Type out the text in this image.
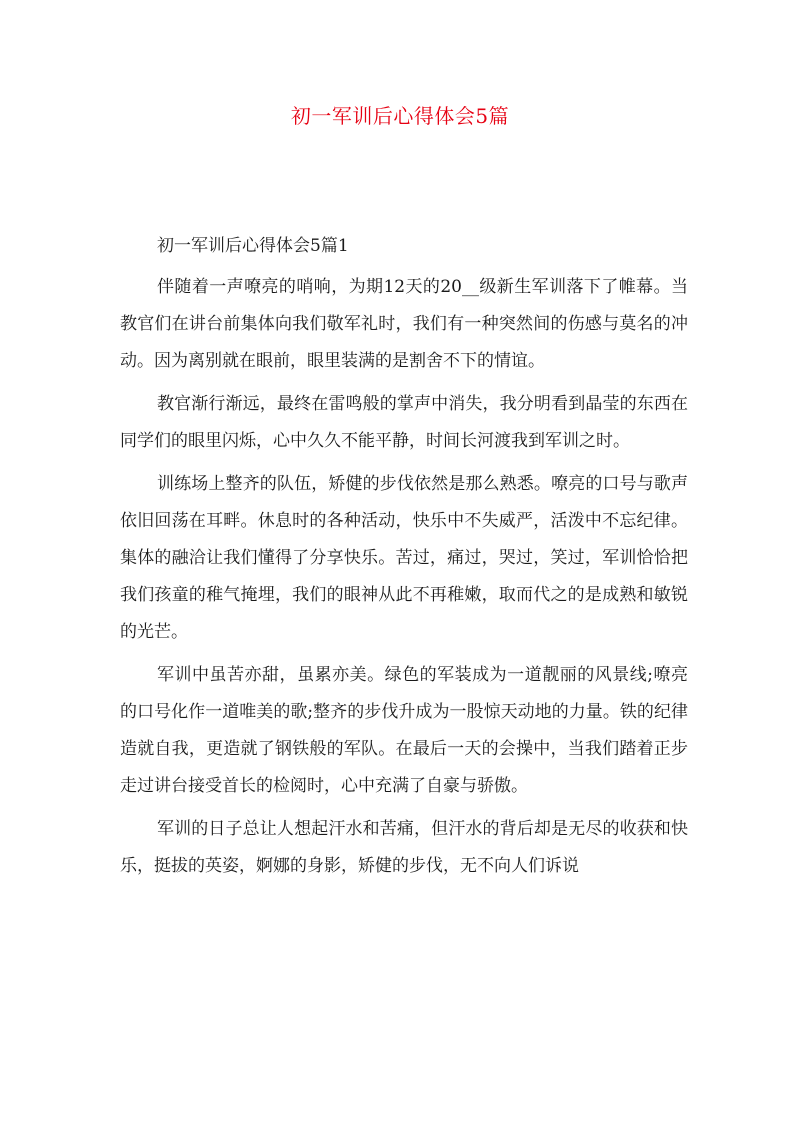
初一军训后心得体会5篇

初一军训后心得体会5篇1

伴随着一声嘹亮的哨响，为期12天的20__级新生军训落下了帷幕。当教官们在讲台前集体向我们敬军礼时，我们有一种突然间的伤感与莫名的冲动。因为离别就在眼前，眼里装满的是割舍不下的情谊。

教官渐行渐远，最终在雷鸣般的掌声中消失，我分明看到晶莹的东西在同学们的眼里闪烁，心中久久不能平静，时间长河渡我到军训之时。

训练场上整齐的队伍，矫健的步伐依然是那么熟悉。嘹亮的口号与歌声依旧回荡在耳畔。休息时的各种活动，快乐中不失威严，活泼中不忘纪律。集体的融洽让我们懂得了分享快乐。苦过，痛过，哭过，笑过，军训恰恰把我们孩童的稚气掩埋，我们的眼神从此不再稚嫩，取而代之的是成熟和敏锐的光芒。

军训中虽苦亦甜，虽累亦美。绿色的军装成为一道靓丽的风景线;嘹亮的口号化作一道唯美的歌;整齐的步伐升成为一股惊天动地的力量。铁的纪律造就自我，更造就了钢铁般的军队。在最后一天的会操中，当我们踏着正步走过讲台接受首长的检阅时，心中充满了自豪与骄傲。

军训的日子总让人想起汗水和苦痛，但汗水的背后却是无尽的收获和快乐，挺拔的英姿，婀娜的身影，矫健的步伐，无不向人们诉说
